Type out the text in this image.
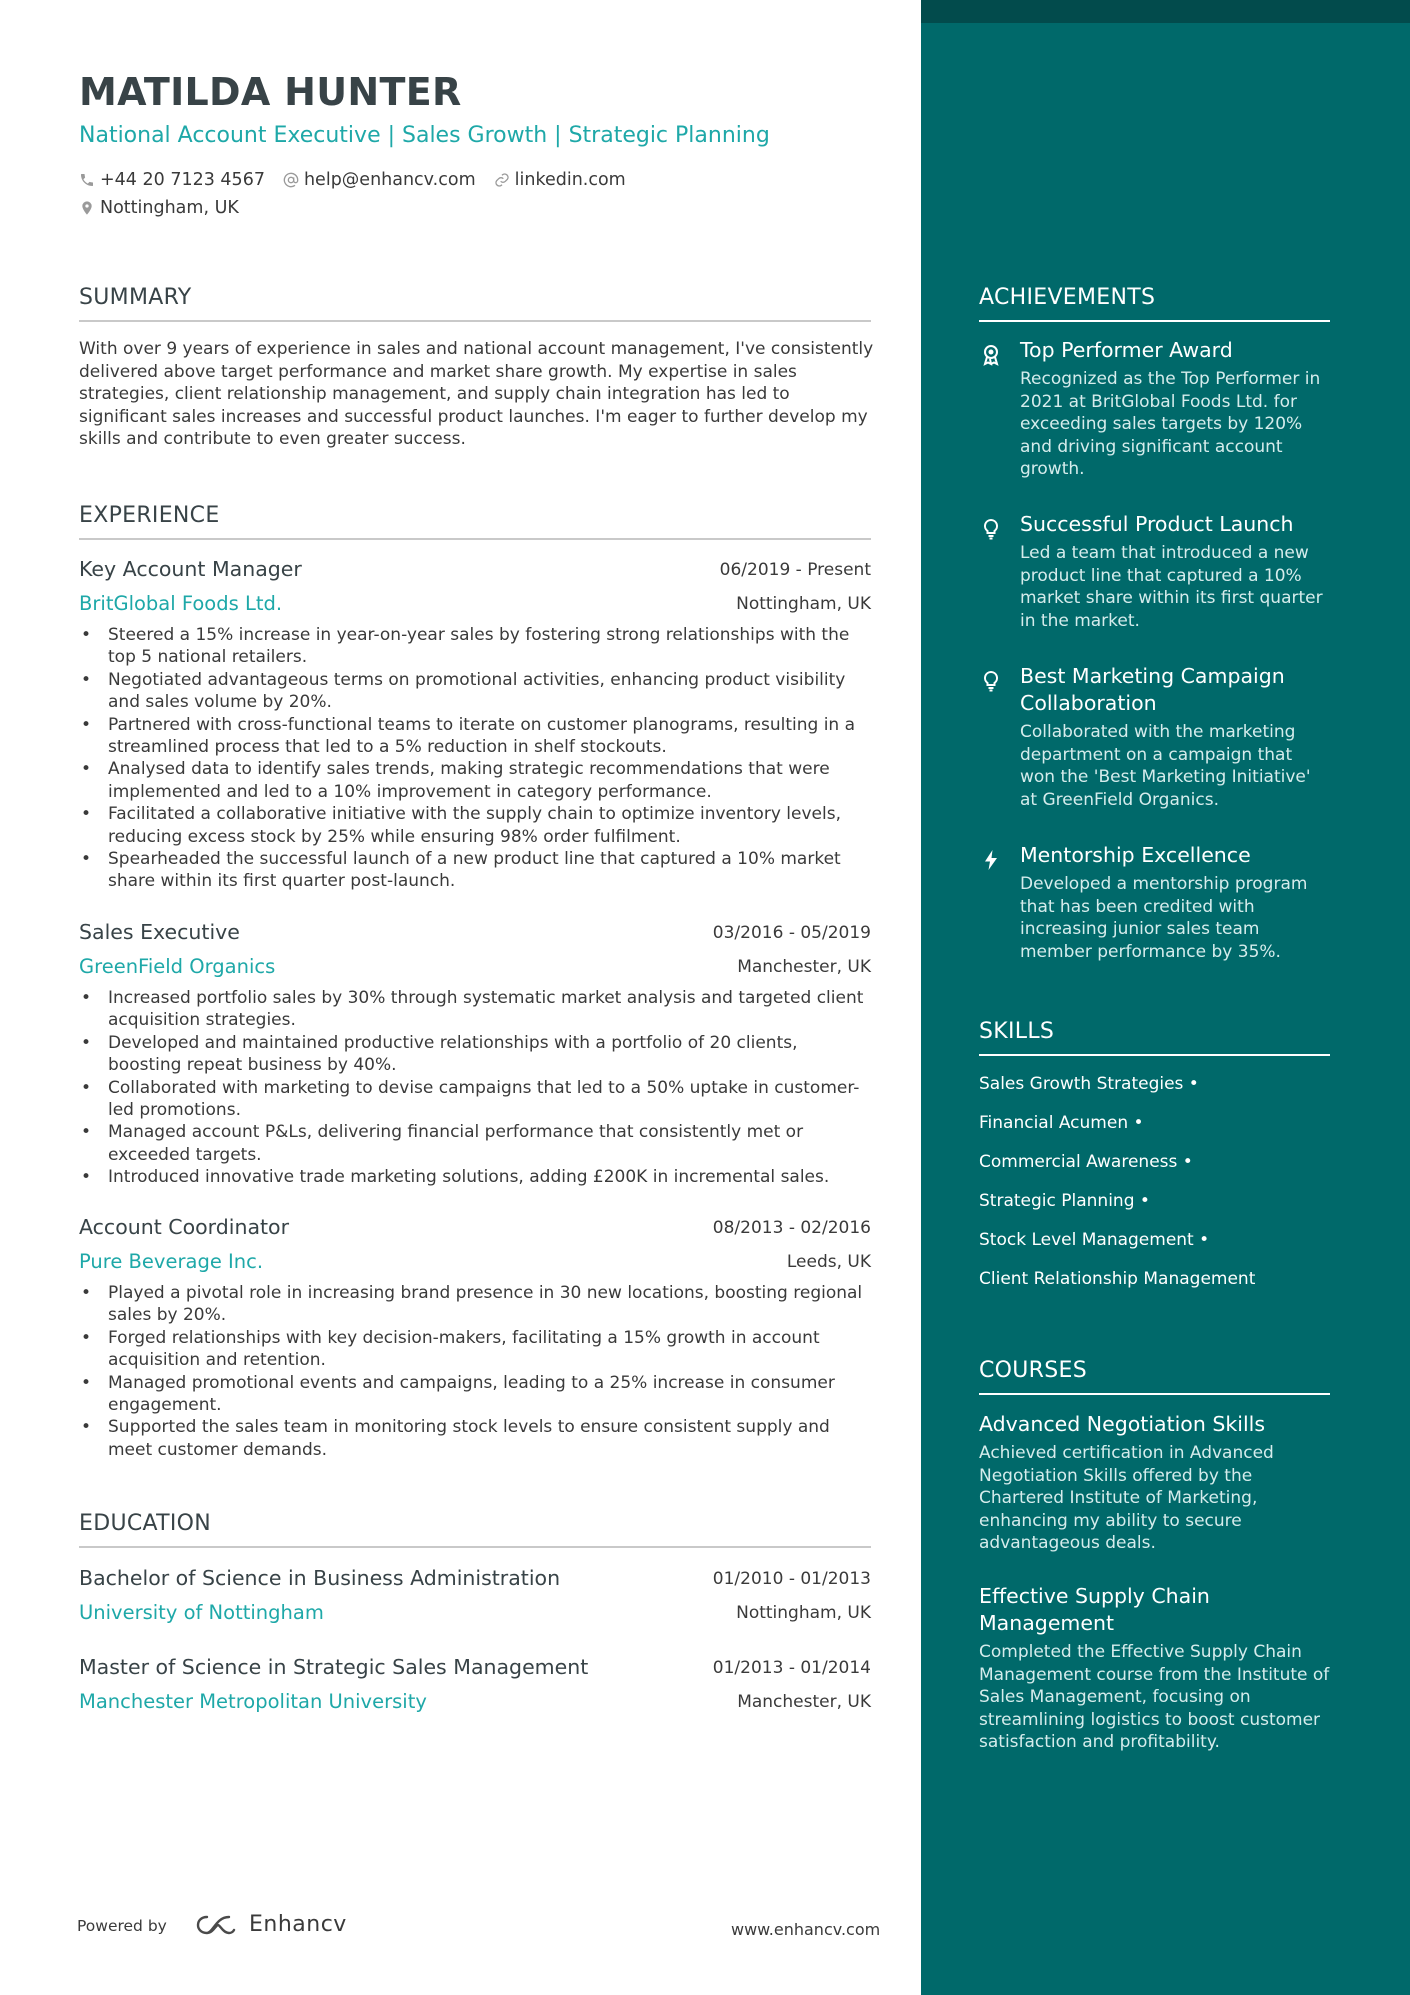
MATILDA HUNTER
National Account Executive | Sales Growth | Strategic Planning
+44 20 7123 4567 help@enhancv.com linkedin.com
Nottingham, UK
SUMMARY

With over 9 years of experience in sales and national account management, I've consistently delivered above target performance and market share growth. My expertise in sales strategies, client relationship management, and supply chain integration has led to significant sales increases and successful product launches. I'm eager to further develop my skills and contribute to even greater success.

EXPERIENCE
Key Account Manager	06/2019 - Present
BritGlobal Foods Ltd.	Nottingham, UK
• Steered a 15% increase in year-on-year sales by fostering strong relationships with the top 5 national retailers.
• Negotiated advantageous terms on promotional activities, enhancing product visibility and sales volume by 20%.
• Partnered with cross-functional teams to iterate on customer planograms, resulting in a streamlined process that led to a 5% reduction in shelf stockouts.
• Analysed data to identify sales trends, making strategic recommendations that were implemented and led to a 10% improvement in category performance.
• Facilitated a collaborative initiative with the supply chain to optimize inventory levels, reducing excess stock by 25% while ensuring 98% order fulfilment.
• Spearheaded the successful launch of a new product line that captured a 10% market share within its first quarter post-launch.
Sales Executive	03/2016 - 05/2019
GreenField Organics	Manchester, UK
• Increased portfolio sales by 30% through systematic market analysis and targeted client acquisition strategies.
• Developed and maintained productive relationships with a portfolio of 20 clients, boosting repeat business by 40%.
• Collaborated with marketing to devise campaigns that led to a 50% uptake in customer-led promotions.
• Managed account P&Ls, delivering financial performance that consistently met or exceeded targets.
• Introduced innovative trade marketing solutions, adding £200K in incremental sales.
Account Coordinator	08/2013 - 02/2016
Pure Beverage Inc.	Leeds, UK
• Played a pivotal role in increasing brand presence in 30 new locations, boosting regional sales by 20%.
• Forged relationships with key decision-makers, facilitating a 15% growth in account acquisition and retention.
• Managed promotional events and campaigns, leading to a 25% increase in consumer engagement.
• Supported the sales team in monitoring stock levels to ensure consistent supply and meet customer demands.
EDUCATION
Bachelor of Science in Business Administration	01/2010 - 01/2013
University of Nottingham	Nottingham, UK
Master of Science in Strategic Sales Management	01/2013 - 01/2014
Manchester Metropolitan University	Manchester, UK
ACHIEVEMENTS
Top Performer Award
Recognized as the Top Performer in 2021 at BritGlobal Foods Ltd. for exceeding sales targets by 120% and driving significant account growth.
Successful Product Launch
Led a team that introduced a new product line that captured a 10% market share within its first quarter in the market.
Best Marketing Campaign Collaboration
Collaborated with the marketing department on a campaign that won the 'Best Marketing Initiative' at GreenField Organics.
Mentorship Excellence
Developed a mentorship program that has been credited with increasing junior sales team member performance by 35%.
SKILLS
Sales Growth Strategies •
Financial Acumen •
Commercial Awareness •
Strategic Planning •
Stock Level Management •
Client Relationship Management
COURSES
Advanced Negotiation Skills
Achieved certification in Advanced Negotiation Skills offered by the Chartered Institute of Marketing, enhancing my ability to secure advantageous deals.
Effective Supply Chain Management
Completed the Effective Supply Chain Management course from the Institute of Sales Management, focusing on streamlining logistics to boost customer satisfaction and profitability.
Powered by	Enhancv	www.enhancv.com
